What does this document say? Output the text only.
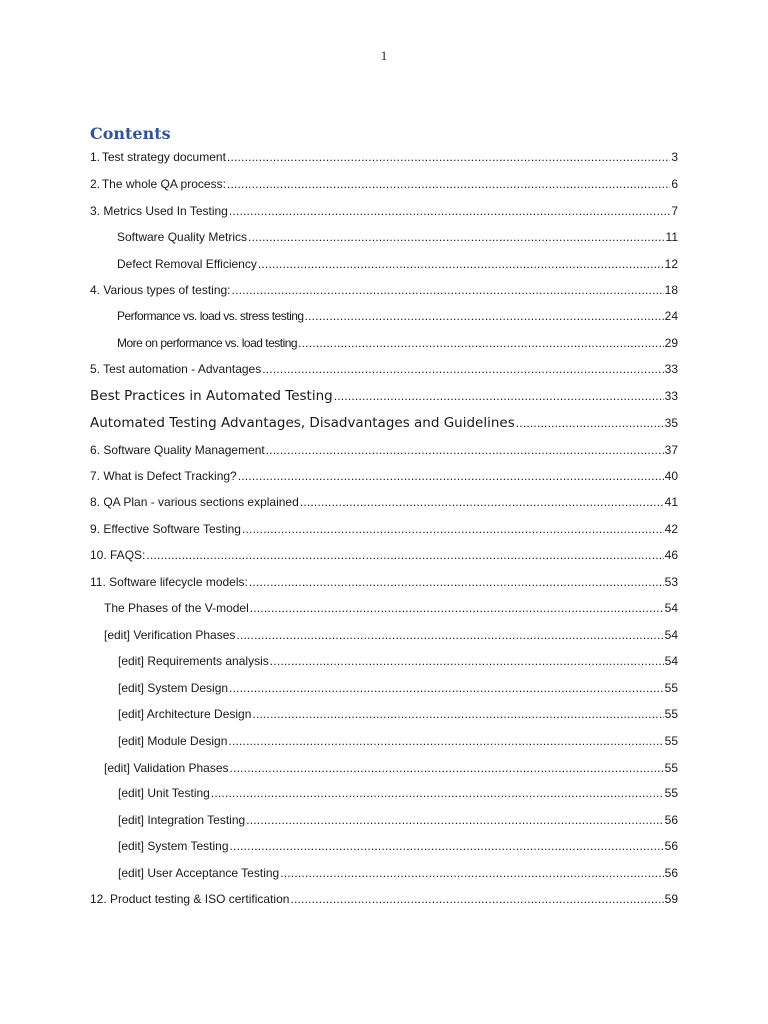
1
Contents
1. Test strategy document .....	3
2. The whole QA process: .....	6
3. Metrics Used In Testing .....	7
Software Quality Metrics .....	11
Defect Removal Efficiency .....	12
4. Various types of testing: .....	18
Performance vs. load vs. stress testing .....	24
More on performance vs. load testing .....	29
5. Test automation - Advantages .....	33
Best Practices in Automated Testing .....	33
Automated Testing Advantages, Disadvantages and Guidelines .....	35
6. Software Quality Management .....	37
7. What is Defect Tracking? .....	40
8. QA Plan - various sections explained .....	41
9. Effective Software Testing .....	42
10. FAQS: .....	46
11. Software lifecycle models: .....	53
The Phases of the V-model .....	54
[edit] Verification Phases .....	54
[edit] Requirements analysis .....	54
[edit] System Design .....	55
[edit] Architecture Design .....	55
[edit] Module Design .....	55
[edit] Validation Phases .....	55
[edit] Unit Testing .....	55
[edit] Integration Testing .....	56
[edit] System Testing .....	56
[edit] User Acceptance Testing .....	56
12. Product testing & ISO certification .....	59
